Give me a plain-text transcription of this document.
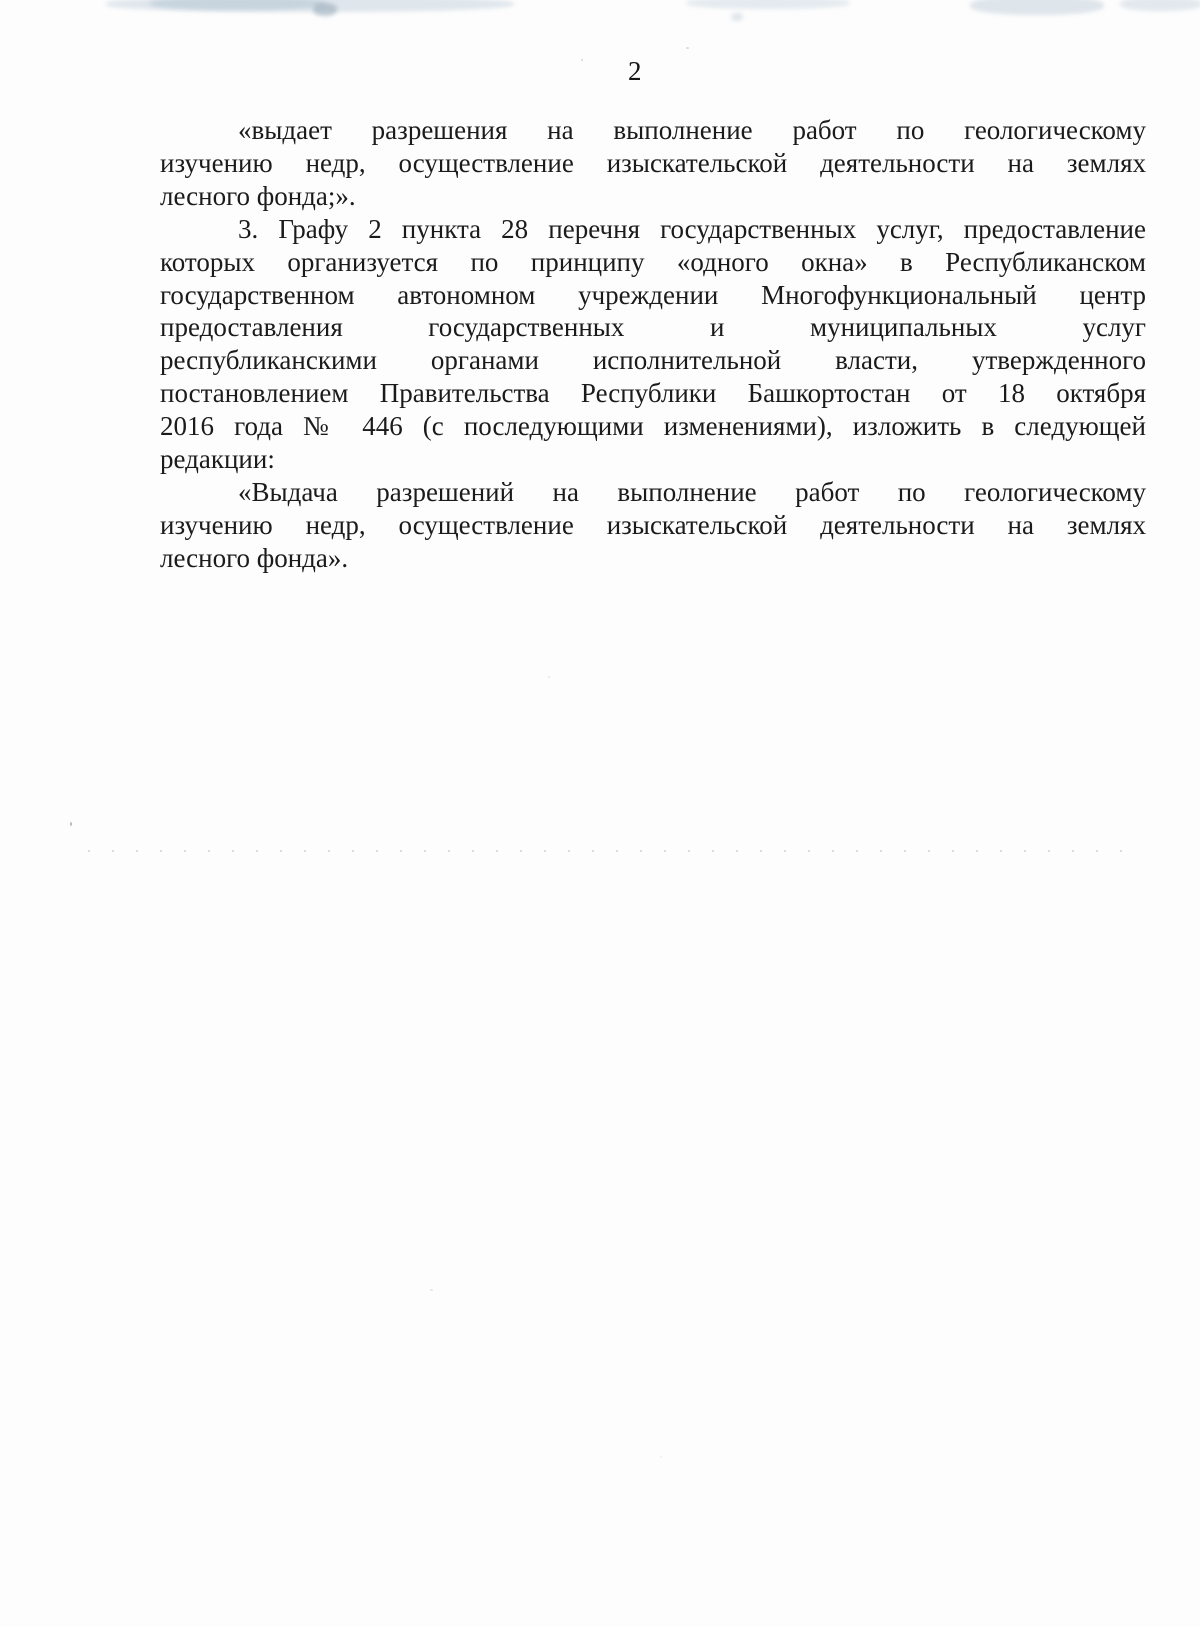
2

«выдает разрешения на выполнение работ по геологическому

изучению недр, осуществление изыскательской деятельности на землях

лесного фонда;».

3. Графу 2 пункта 28 перечня государственных услуг, предоставление

которых организуется по принципу «одного окна» в Республиканском

государственном автономном учреждении Многофункциональный центр

предоставления государственных и муниципальных услуг

республиканскими органами исполнительной власти, утвержденного

постановлением Правительства Республики Башкортостан от 18 октября

2016 года № 446 (с последующими изменениями), изложить в следующей

редакции:

«Выдача разрешений на выполнение работ по геологическому

изучению недр, осуществление изыскательской деятельности на землях

лесного фонда».
